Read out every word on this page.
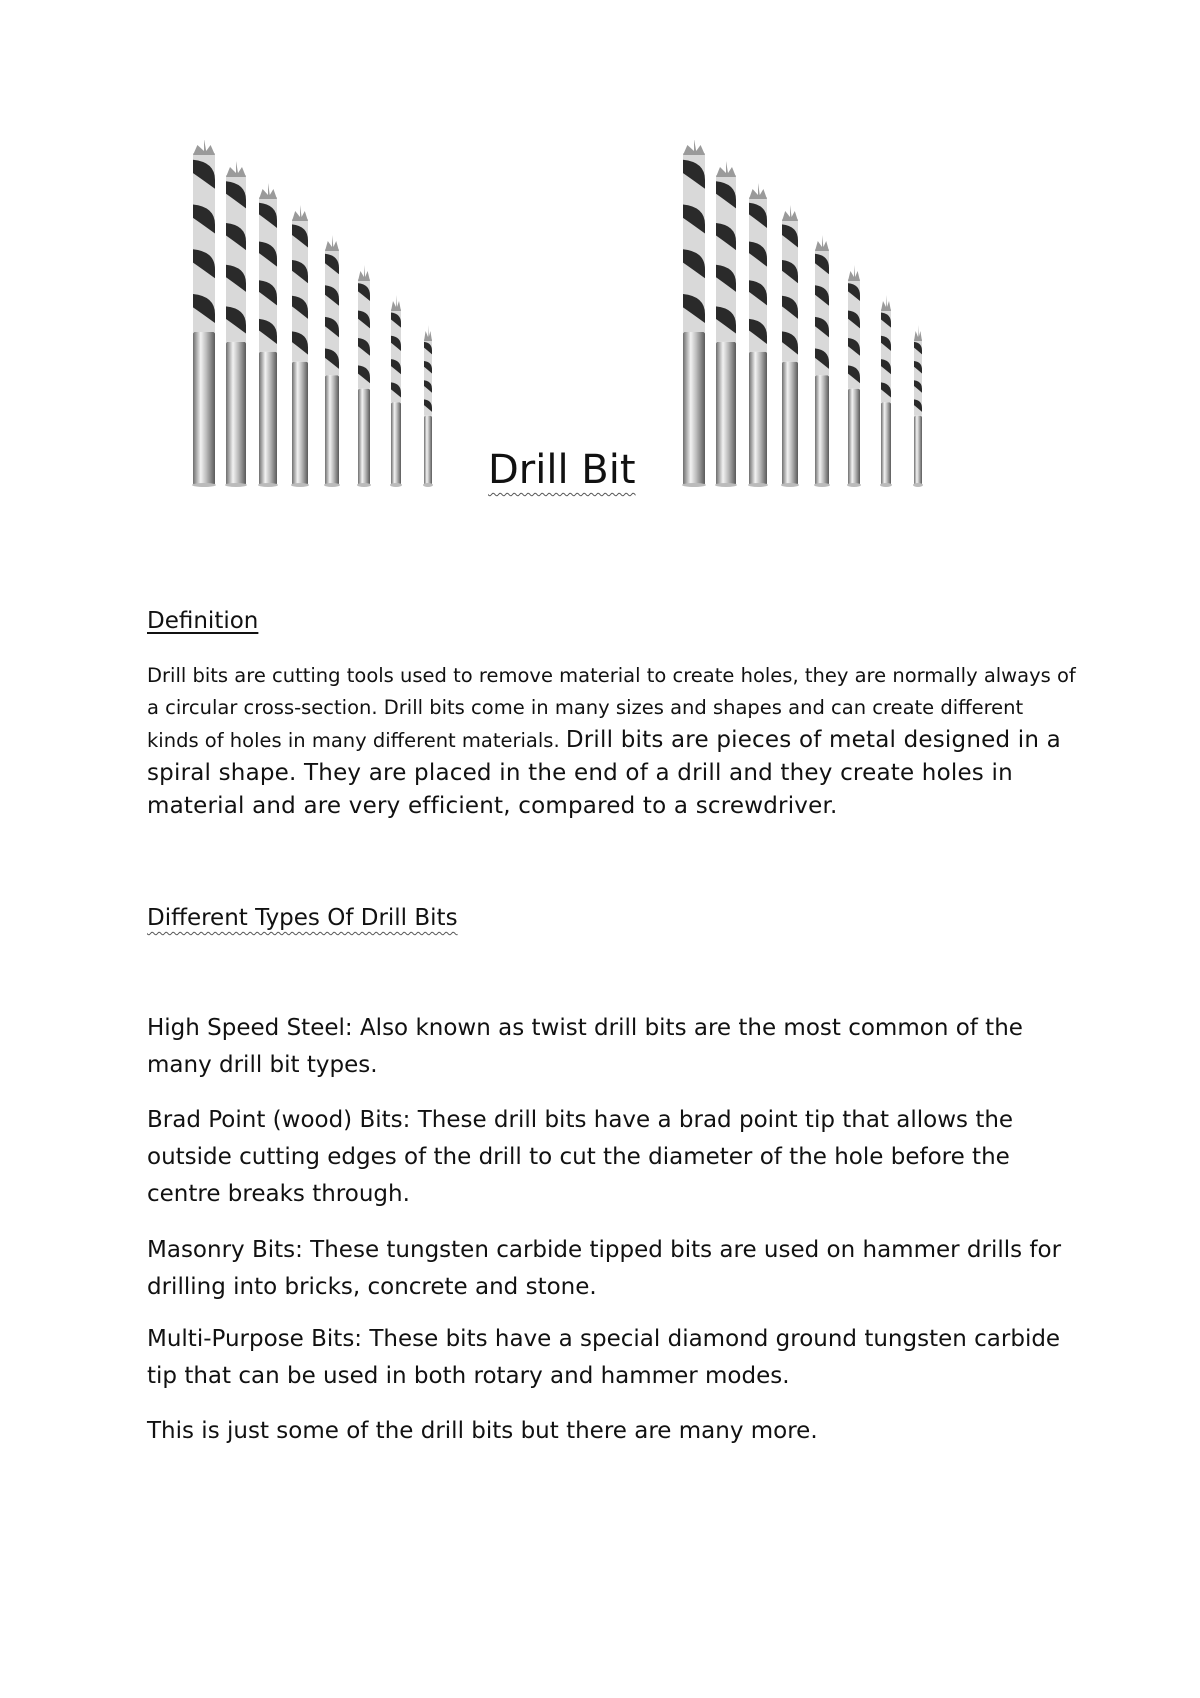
Drill Bit
Definition

Drill bits are cutting tools used to remove material to create holes, they are normally always of a circular cross-section. Drill bits come in many sizes and shapes and can create different kinds of holes in many different materials. Drill bits are pieces of metal designed in a spiral shape. They are placed in the end of a drill and they create holes in material and are very efficient, compared to a screwdriver.

Different Types Of Drill Bits

High Speed Steel: Also known as twist drill bits are the most common of the many drill bit types.

Brad Point (wood) Bits: These drill bits have a brad point tip that allows the outside cutting edges of the drill to cut the diameter of the hole before the centre breaks through.

Masonry Bits: These tungsten carbide tipped bits are used on hammer drills for drilling into bricks, concrete and stone.

Multi-Purpose Bits: These bits have a special diamond ground tungsten carbide tip that can be used in both rotary and hammer modes.

This is just some of the drill bits but there are many more.
